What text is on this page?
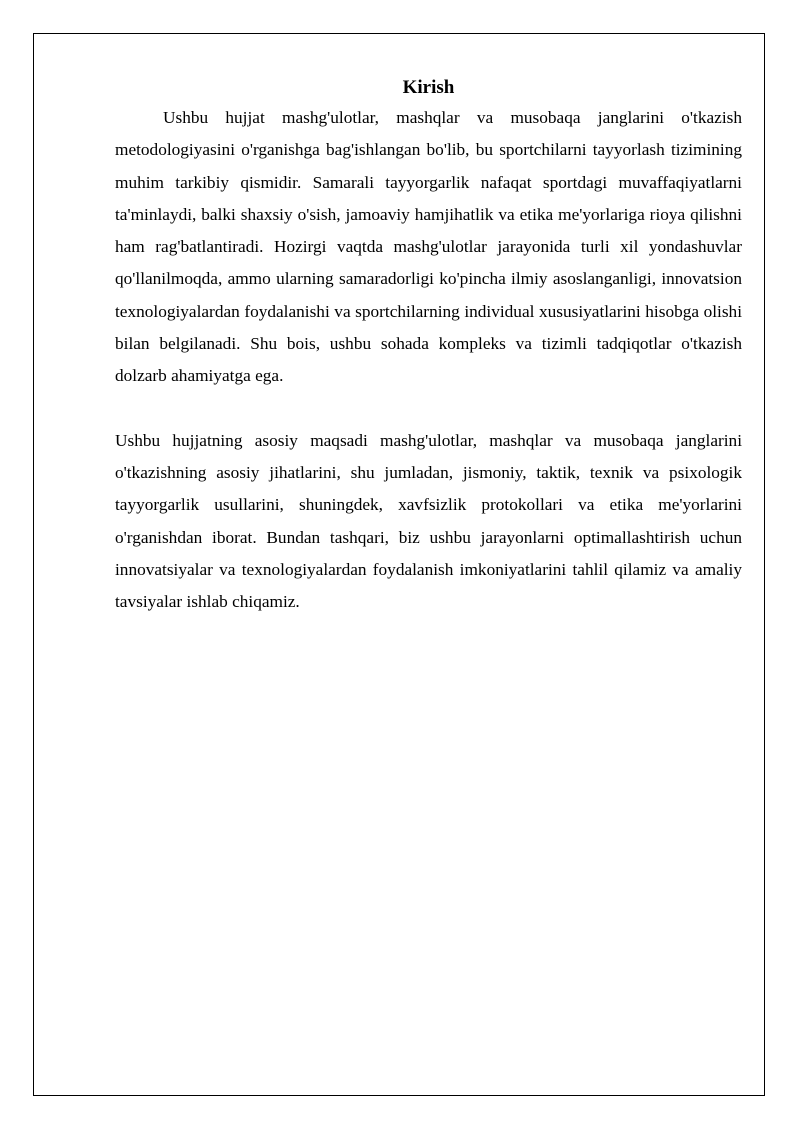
Kirish

Ushbu hujjat mashg'ulotlar, mashqlar va musobaqa janglarini o'tkazish metodologiyasini o'rganishga bag'ishlangan bo'lib, bu sportchilarni tayyorlash tizimining muhim tarkibiy qismidir. Samarali tayyorgarlik nafaqat sportdagi muvaffaqiyatlarni ta'minlaydi, balki shaxsiy o'sish, jamoaviy hamjihatlik va etika me'yorlariga rioya qilishni ham rag'batlantiradi. Hozirgi vaqtda mashg'ulotlar jarayonida turli xil yondashuvlar qo'llanilmoqda, ammo ularning samaradorligi ko'pincha ilmiy asoslanganligi, innovatsion texnologiyalardan foydalanishi va sportchilarning individual xususiyatlarini hisobga olishi bilan belgilanadi. Shu bois, ushbu sohada kompleks va tizimli tadqiqotlar o'tkazish dolzarb ahamiyatga ega.

Ushbu hujjatning asosiy maqsadi mashg'ulotlar, mashqlar va musobaqa janglarini o'tkazishning asosiy jihatlarini, shu jumladan, jismoniy, taktik, texnik va psixologik tayyorgarlik usullarini, shuningdek, xavfsizlik protokollari va etika me'yorlarini o'rganishdan iborat. Bundan tashqari, biz ushbu jarayonlarni optimallashtirish uchun innovatsiyalar va texnologiyalardan foydalanish imkoniyatlarini tahlil qilamiz va amaliy tavsiyalar ishlab chiqamiz.
